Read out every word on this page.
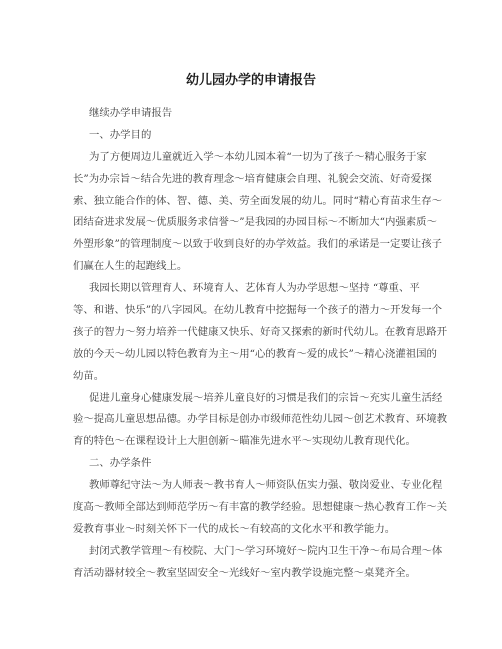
幼儿园办学的申请报告
继续办学申请报告
一、办学目的
为了方便周边儿童就近入学～本幼儿园本着“一切为了孩子～精心服务于家
长”为办宗旨～结合先进的教育理念～培育健康会自理、礼貌会交流、好奇爱探
索、独立能合作的体、智、德、美、劳全面发展的幼儿。同时“精心育苗求生存～
团结奋进求发展～优质服务求信誉～”是我园的办园目标～不断加大“内强素质～
外塑形象”的管理制度～以致于收到良好的办学效益。我们的承诺是一定要让孩子
们赢在人生的起跑线上。
我园长期以管理育人、环境育人、艺体育人为办学思想～坚持 “尊重、平
等、和谐、快乐”的八字园风。在幼儿教育中挖掘每一个孩子的潜力～开发每一个
孩子的智力～努力培养一代健康又快乐、好奇又探索的新时代幼儿。在教育思路开
放的今天～幼儿园以特色教育为主～用“心的教育～爱的成长”～精心浇灌祖国的
幼苗。
促进儿童身心健康发展～培养儿童良好的习惯是我们的宗旨～充实儿童生活经
验～提高儿童思想品德。办学目标是创办市级师范性幼儿园～创艺术教育、环境教
育的特色～在课程设计上大胆创新～瞄准先进水平～实现幼儿教育现代化。
二、办学条件
教师尊纪守法～为人师表～教书育人～师资队伍实力强、敬岗爱业、专业化程
度高～教师全部达到师范学历～有丰富的教学经验。思想健康～热心教育工作～关
爱教育事业～时刻关怀下一代的成长～有较高的文化水平和教学能力。
封闭式教学管理～有校院、大门～学习环境好～院内卫生干净～布局合理～体
育活动器材较全～教室坚固安全～光线好～室内教学设施完整～桌凳齐全。
